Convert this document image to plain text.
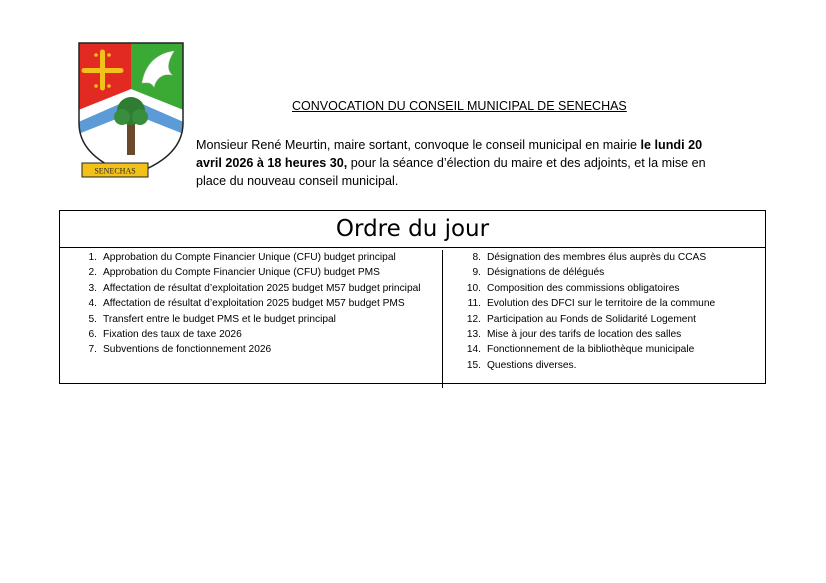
SENECHAS
CONVOCATION DU CONSEIL MUNICIPAL DE SENECHAS
Monsieur René Meurtin, maire sortant, convoque le conseil municipal en mairie le lundi 20 avril 2026 à 18 heures 30, pour la séance d’élection du maire et des adjoints, et la mise en place du nouveau conseil municipal.
Ordre du jour
1. Approbation du Compte Financier Unique (CFU) budget principal
2. Approbation du Compte Financier Unique (CFU) budget PMS
3. Affectation de résultat d’exploitation 2025 budget M57 budget principal
4. Affectation de résultat d’exploitation 2025 budget M57 budget PMS
5. Transfert entre le budget PMS et le budget principal
6. Fixation des taux de taxe 2026
7. Subventions de fonctionnement 2026
8. Désignation des membres élus auprès du CCAS
9. Désignations de délégués
10. Composition des commissions obligatoires
11. Evolution des DFCI sur le territoire de la commune
12. Participation au Fonds de Solidarité Logement
13. Mise à jour des tarifs de location des salles
14. Fonctionnement de la bibliothèque municipale
15. Questions diverses.
